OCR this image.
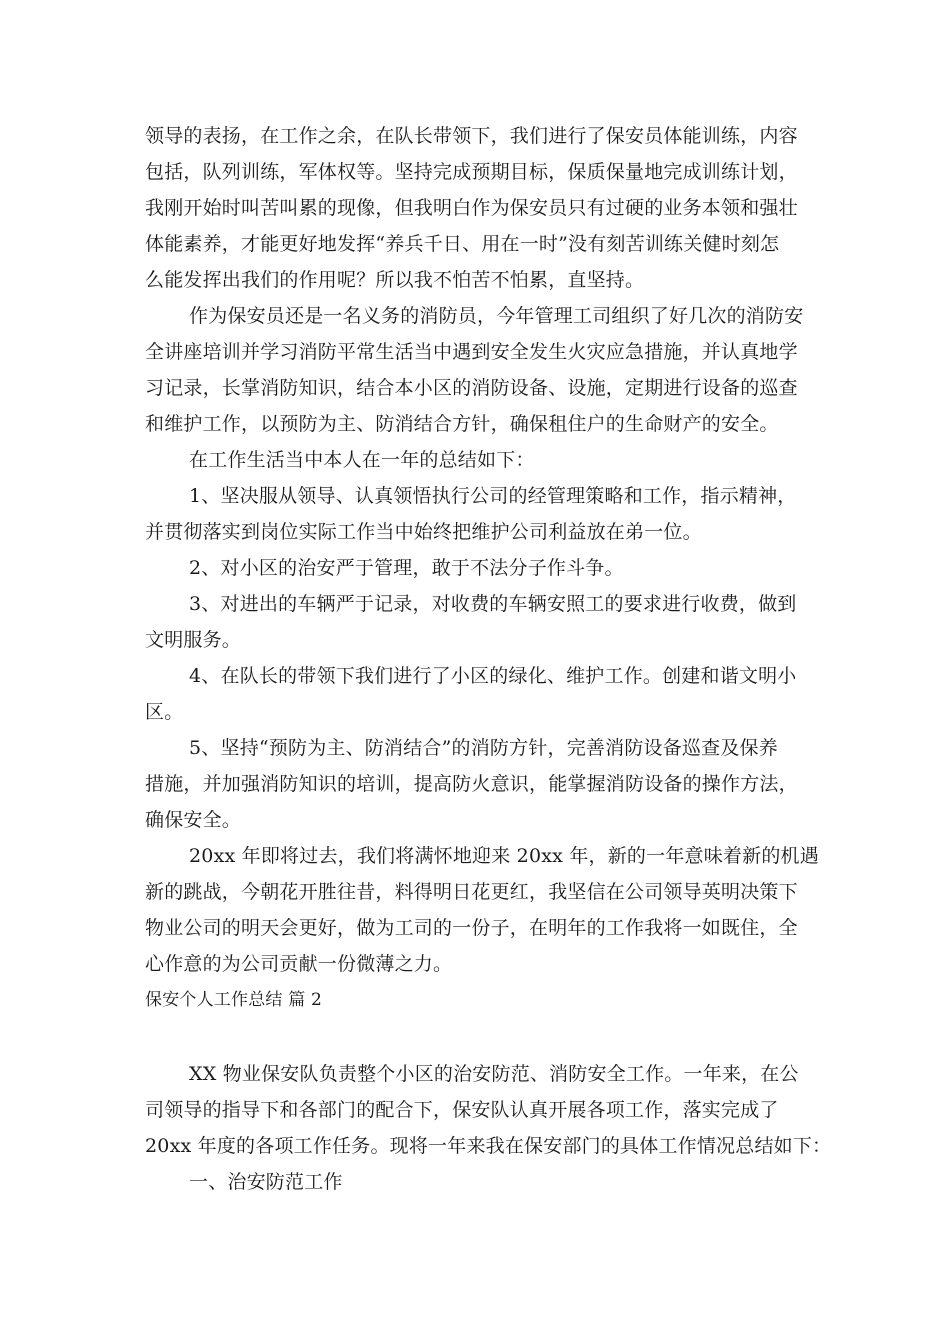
领导的表扬，在工作之余，在队长带领下，我们进行了保安员体能训练，内容
包括，队列训练，军体权等。坚持完成预期目标，保质保量地完成训练计划，
我刚开始时叫苦叫累的现像，但我明白作为保安员只有过硬的业务本领和强壮
体能素养，才能更好地发挥“养兵千日、用在一时”没有刻苦训练关健时刻怎
么能发挥出我们的作用呢？所以我不怕苦不怕累，直坚持。
作为保安员还是一名义务的消防员，今年管理工司组织了好几次的消防安
全讲座培训并学习消防平常生活当中遇到安全发生火灾应急措施，并认真地学
习记录，长掌消防知识，结合本小区的消防设备、设施，定期进行设备的巡查
和维护工作，以预防为主、防消结合方针，确保租住户的生命财产的安全。
在工作生活当中本人在一年的总结如下：
1、坚决服从领导、认真领悟执行公司的经管理策略和工作，指示精神，
并贯彻落实到岗位实际工作当中始终把维护公司利益放在弟一位。
2、对小区的治安严于管理，敢于不法分子作斗争。
3、对进出的车辆严于记录，对收费的车辆安照工的要求进行收费，做到
文明服务。
4、在队长的带领下我们进行了小区的绿化、维护工作。创建和谐文明小
区。
5、坚持“预防为主、防消结合”的消防方针，完善消防设备巡查及保养
措施，并加强消防知识的培训，提高防火意识，能掌握消防设备的操作方法，
确保安全。
20xx 年即将过去，我们将满怀地迎来 20xx 年，新的一年意味着新的机遇
新的跳战，今朝花开胜往昔，料得明日花更红，我坚信在公司领导英明决策下
物业公司的明天会更好，做为工司的一份子，在明年的工作我将一如既住，全
心作意的为公司贡献一份微薄之力。
保安个人工作总结 篇 2
XX 物业保安队负责整个小区的治安防范、消防安全工作。一年来，在公
司领导的指导下和各部门的配合下，保安队认真开展各项工作，落实完成了
20xx 年度的各项工作任务。现将一年来我在保安部门的具体工作情况总结如下：
一、治安防范工作
